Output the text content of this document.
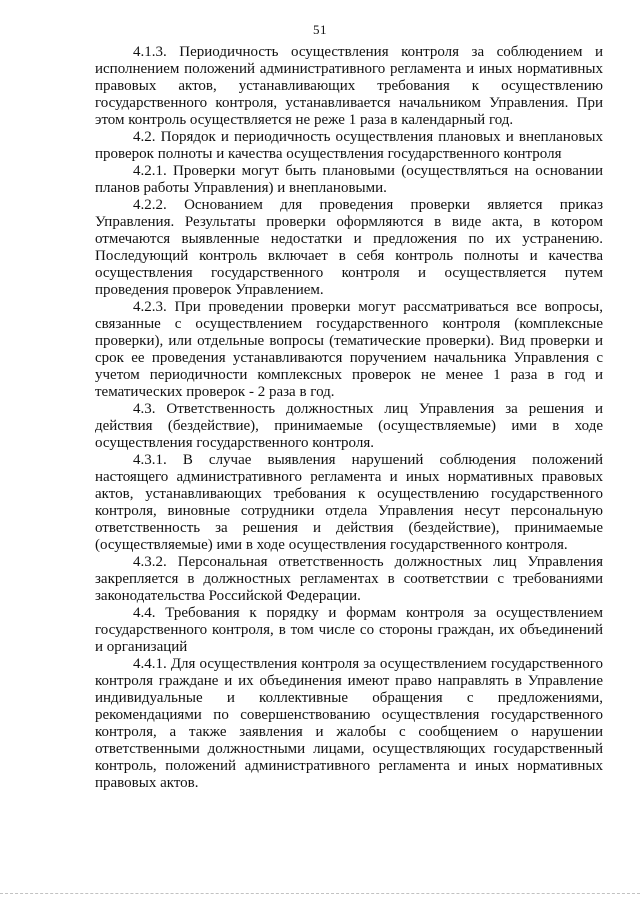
51

4.1.3. Периодичность осуществления контроля за соблюдением и исполнением положений административного регламента и иных нормативных правовых актов, устанавливающих требования к осуществлению государственного контроля, устанавливается начальником Управления. При этом контроль осуществляется не реже 1 раза в календарный год.

4.2. Порядок и периодичность осуществления плановых и внеплановых проверок полноты и качества осуществления государственного контроля

4.2.1. Проверки могут быть плановыми (осуществляться на основании планов работы Управления) и внеплановыми.

4.2.2. Основанием для проведения проверки является приказ Управления. Результаты проверки оформляются в виде акта, в котором отмечаются выявленные недостатки и предложения по их устранению. Последующий контроль включает в себя контроль полноты и качества осуществления государственного контроля и осуществляется путем проведения проверок Управлением.

4.2.3. При проведении проверки могут рассматриваться все вопросы, связанные с осуществлением государственного контроля (комплексные проверки), или отдельные вопросы (тематические проверки). Вид проверки и срок ее проведения устанавливаются поручением начальника Управления с учетом периодичности комплексных проверок не менее 1 раза в год и тематических проверок - 2 раза в год.

4.3. Ответственность должностных лиц Управления за решения и действия (бездействие), принимаемые (осуществляемые) ими в ходе осуществления государственного контроля.

4.3.1. В случае выявления нарушений соблюдения положений настоящего административного регламента и иных нормативных правовых актов, устанавливающих требования к осуществлению государственного контроля, виновные сотрудники отдела Управления несут персональную ответственность за решения и действия (бездействие), принимаемые (осуществляемые) ими в ходе осуществления государственного контроля.

4.3.2. Персональная ответственность должностных лиц Управления закрепляется в должностных регламентах в соответствии с требованиями законодательства Российской Федерации.

4.4. Требования к порядку и формам контроля за осуществлением государственного контроля, в том числе со стороны граждан, их объединений и организаций

4.4.1. Для осуществления контроля за осуществлением государственного контроля граждане и их объединения имеют право направлять в Управление индивидуальные и коллективные обращения с предложениями, рекомендациями по совершенствованию осуществления государственного контроля, а также заявления и жалобы с сообщением о нарушении ответственными должностными лицами, осуществляющих государственный контроль, положений административного регламента и иных нормативных правовых актов.
